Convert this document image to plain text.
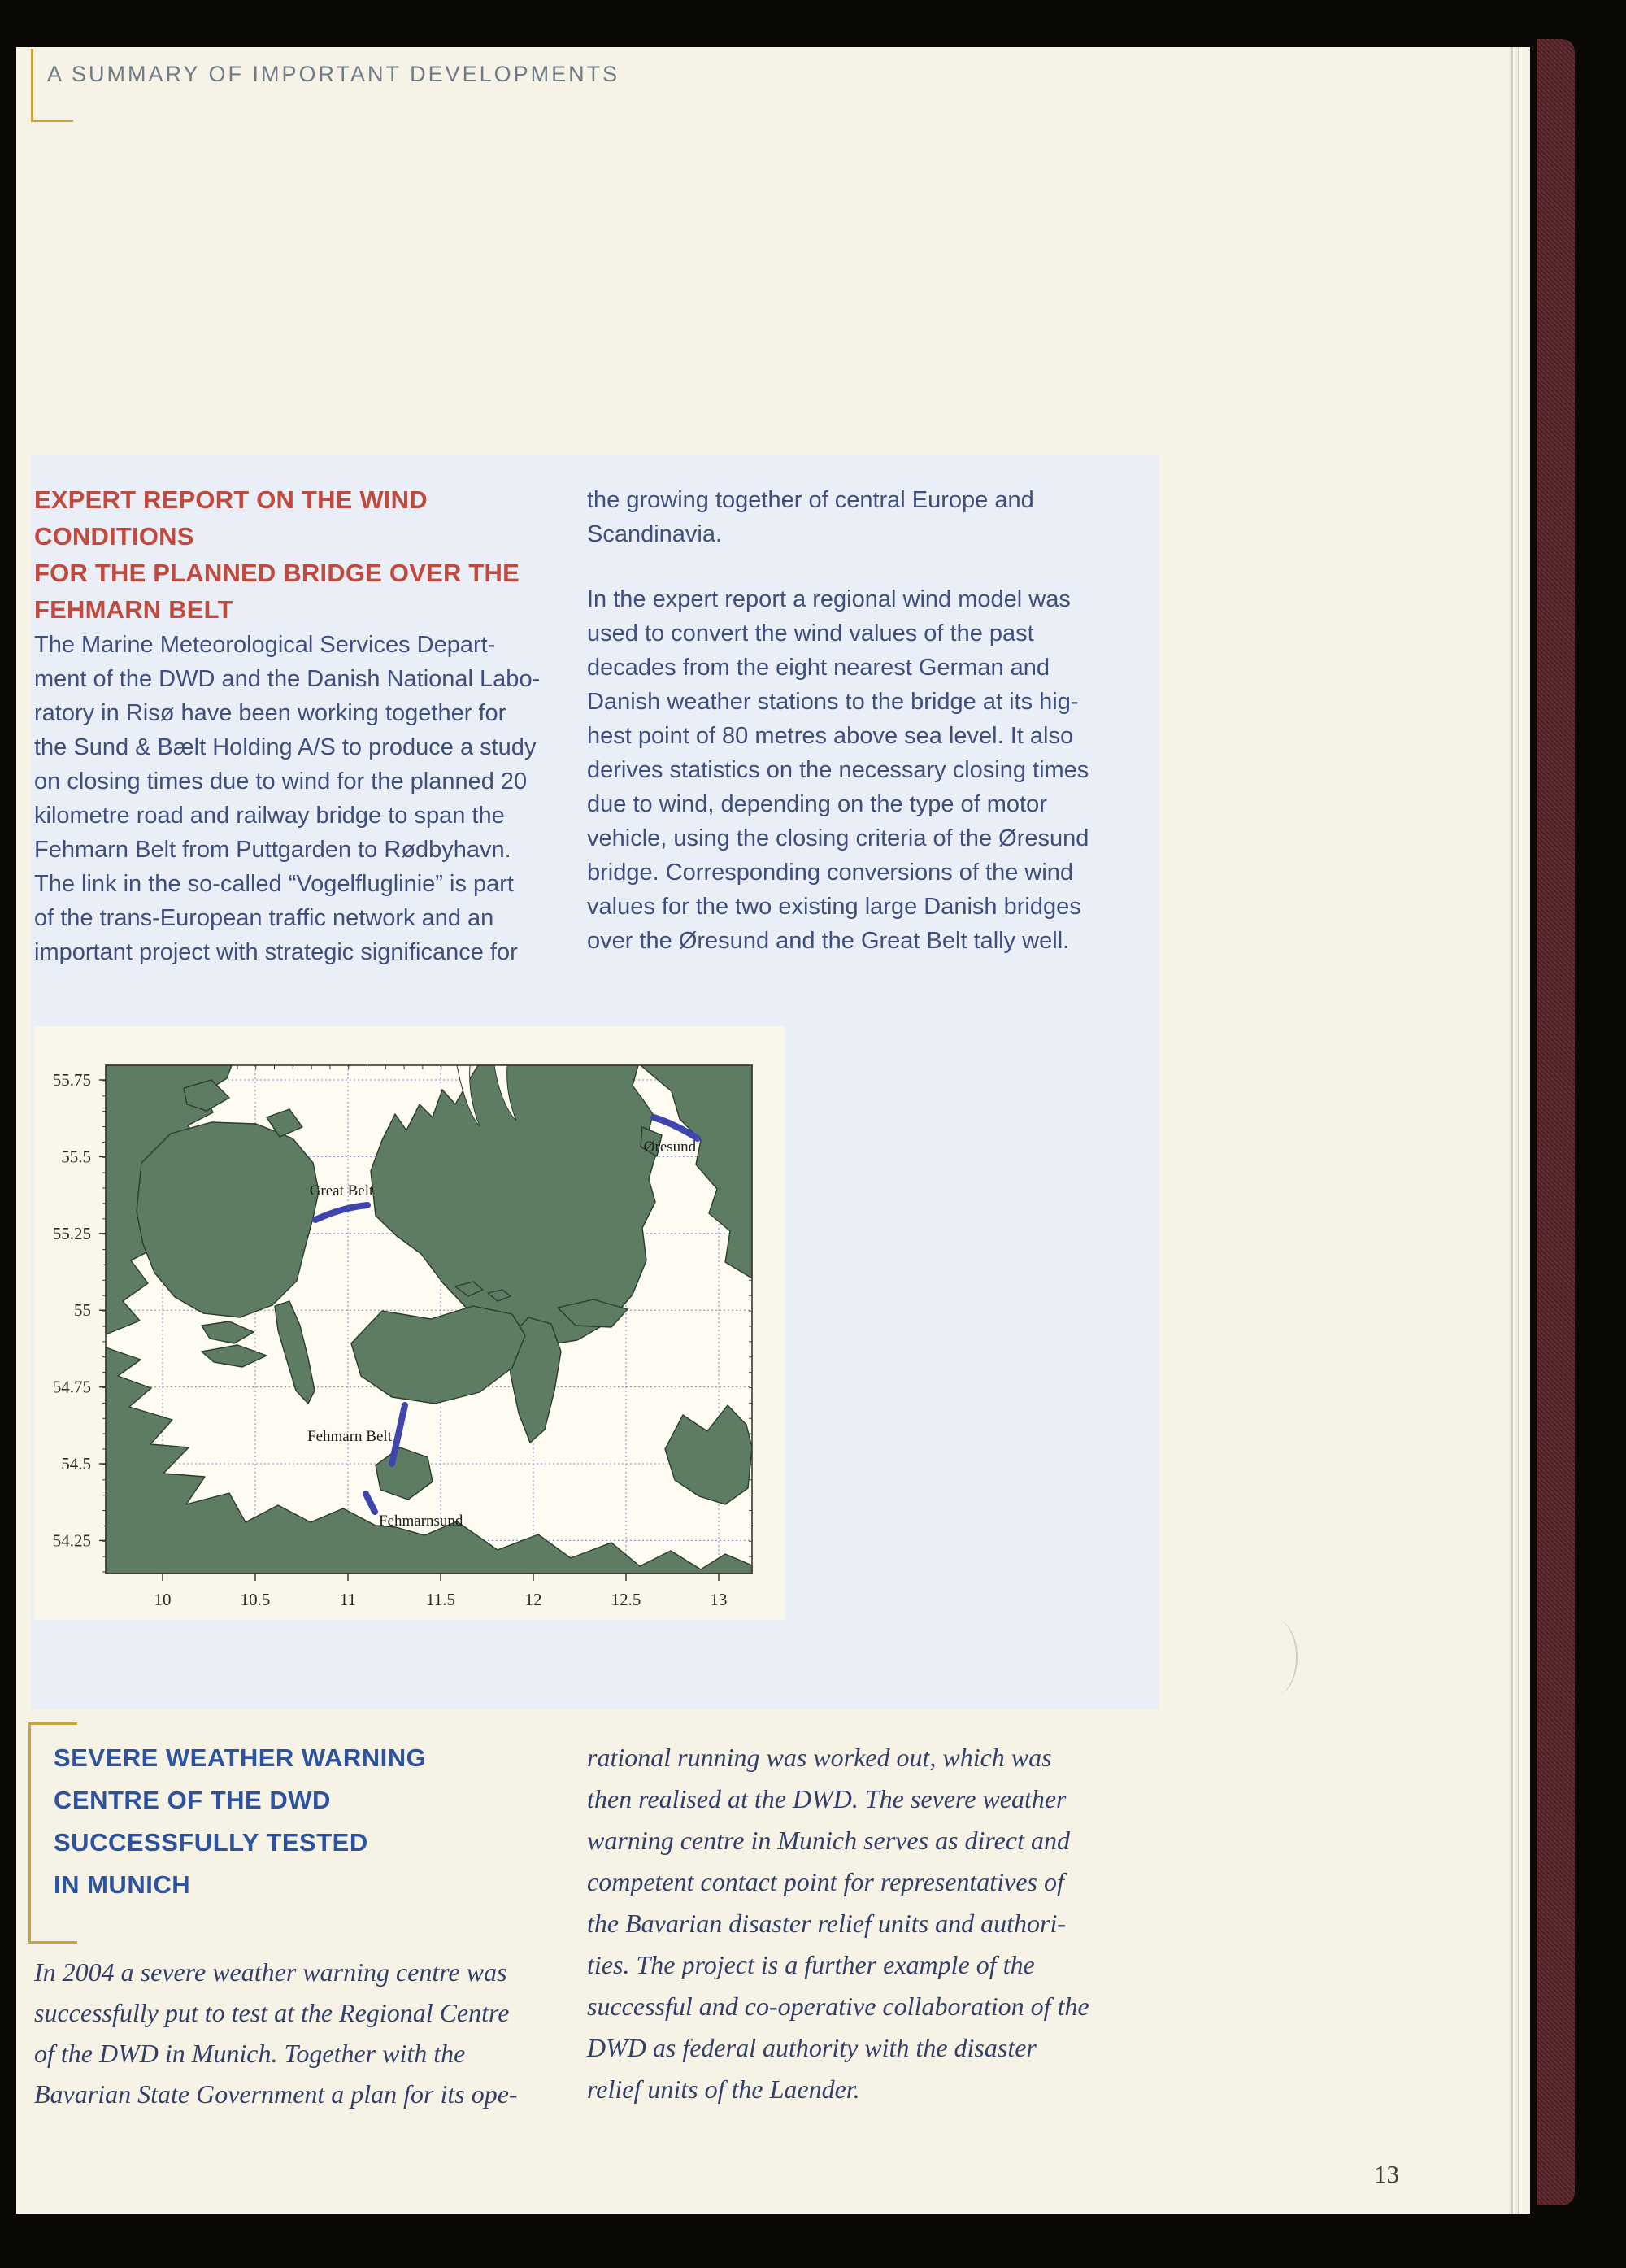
A SUMMARY OF IMPORTANT DEVELOPMENTS
EXPERT REPORT ON THE WIND CONDITIONS
FOR THE PLANNED BRIDGE OVER THE
FEHMARN BELT
The Marine Meteorological Services Depart-
ment of the DWD and the Danish National Labo-
ratory in Risø have been working together for
the Sund & Bælt Holding A/S to produce a study
on closing times due to wind for the planned 20
kilometre road and railway bridge to span the
Fehmarn Belt from Puttgarden to Rødbyhavn.
The link in the so-called “Vogelfluglinie” is part
of the trans-European traffic network and an
important project with strategic significance for
the growing together of central Europe and
Scandinavia.
In the expert report a regional wind model was
used to convert the wind values of the past
decades from the eight nearest German and
Danish weather stations to the bridge at its hig-
hest point of 80 metres above sea level. It also
derives statistics on the necessary closing times
due to wind, depending on the type of motor
vehicle, using the closing criteria of the Øresund
bridge. Corresponding conversions of the wind
values for the two existing large Danish bridges
over the Øresund and the Great Belt tally well.
Great Belt
Øresund
Fehmarn Belt
Fehmarnsund
10	10.5	11	11.5	12	12.5	13
55.75
55.5
55.25
55
54.75
54.5
54.25
SEVERE WEATHER WARNING
CENTRE OF THE DWD
SUCCESSFULLY TESTED
IN MUNICH
In 2004 a severe weather warning centre was
successfully put to test at the Regional Centre
of the DWD in Munich. Together with the
Bavarian State Government a plan for its ope-
rational running was worked out, which was
then realised at the DWD. The severe weather
warning centre in Munich serves as direct and
competent contact point for representatives of
the Bavarian disaster relief units and authori-
ties. The project is a further example of the
successful and co-operative collaboration of the
DWD as federal authority with the disaster
relief units of the Laender.
13
